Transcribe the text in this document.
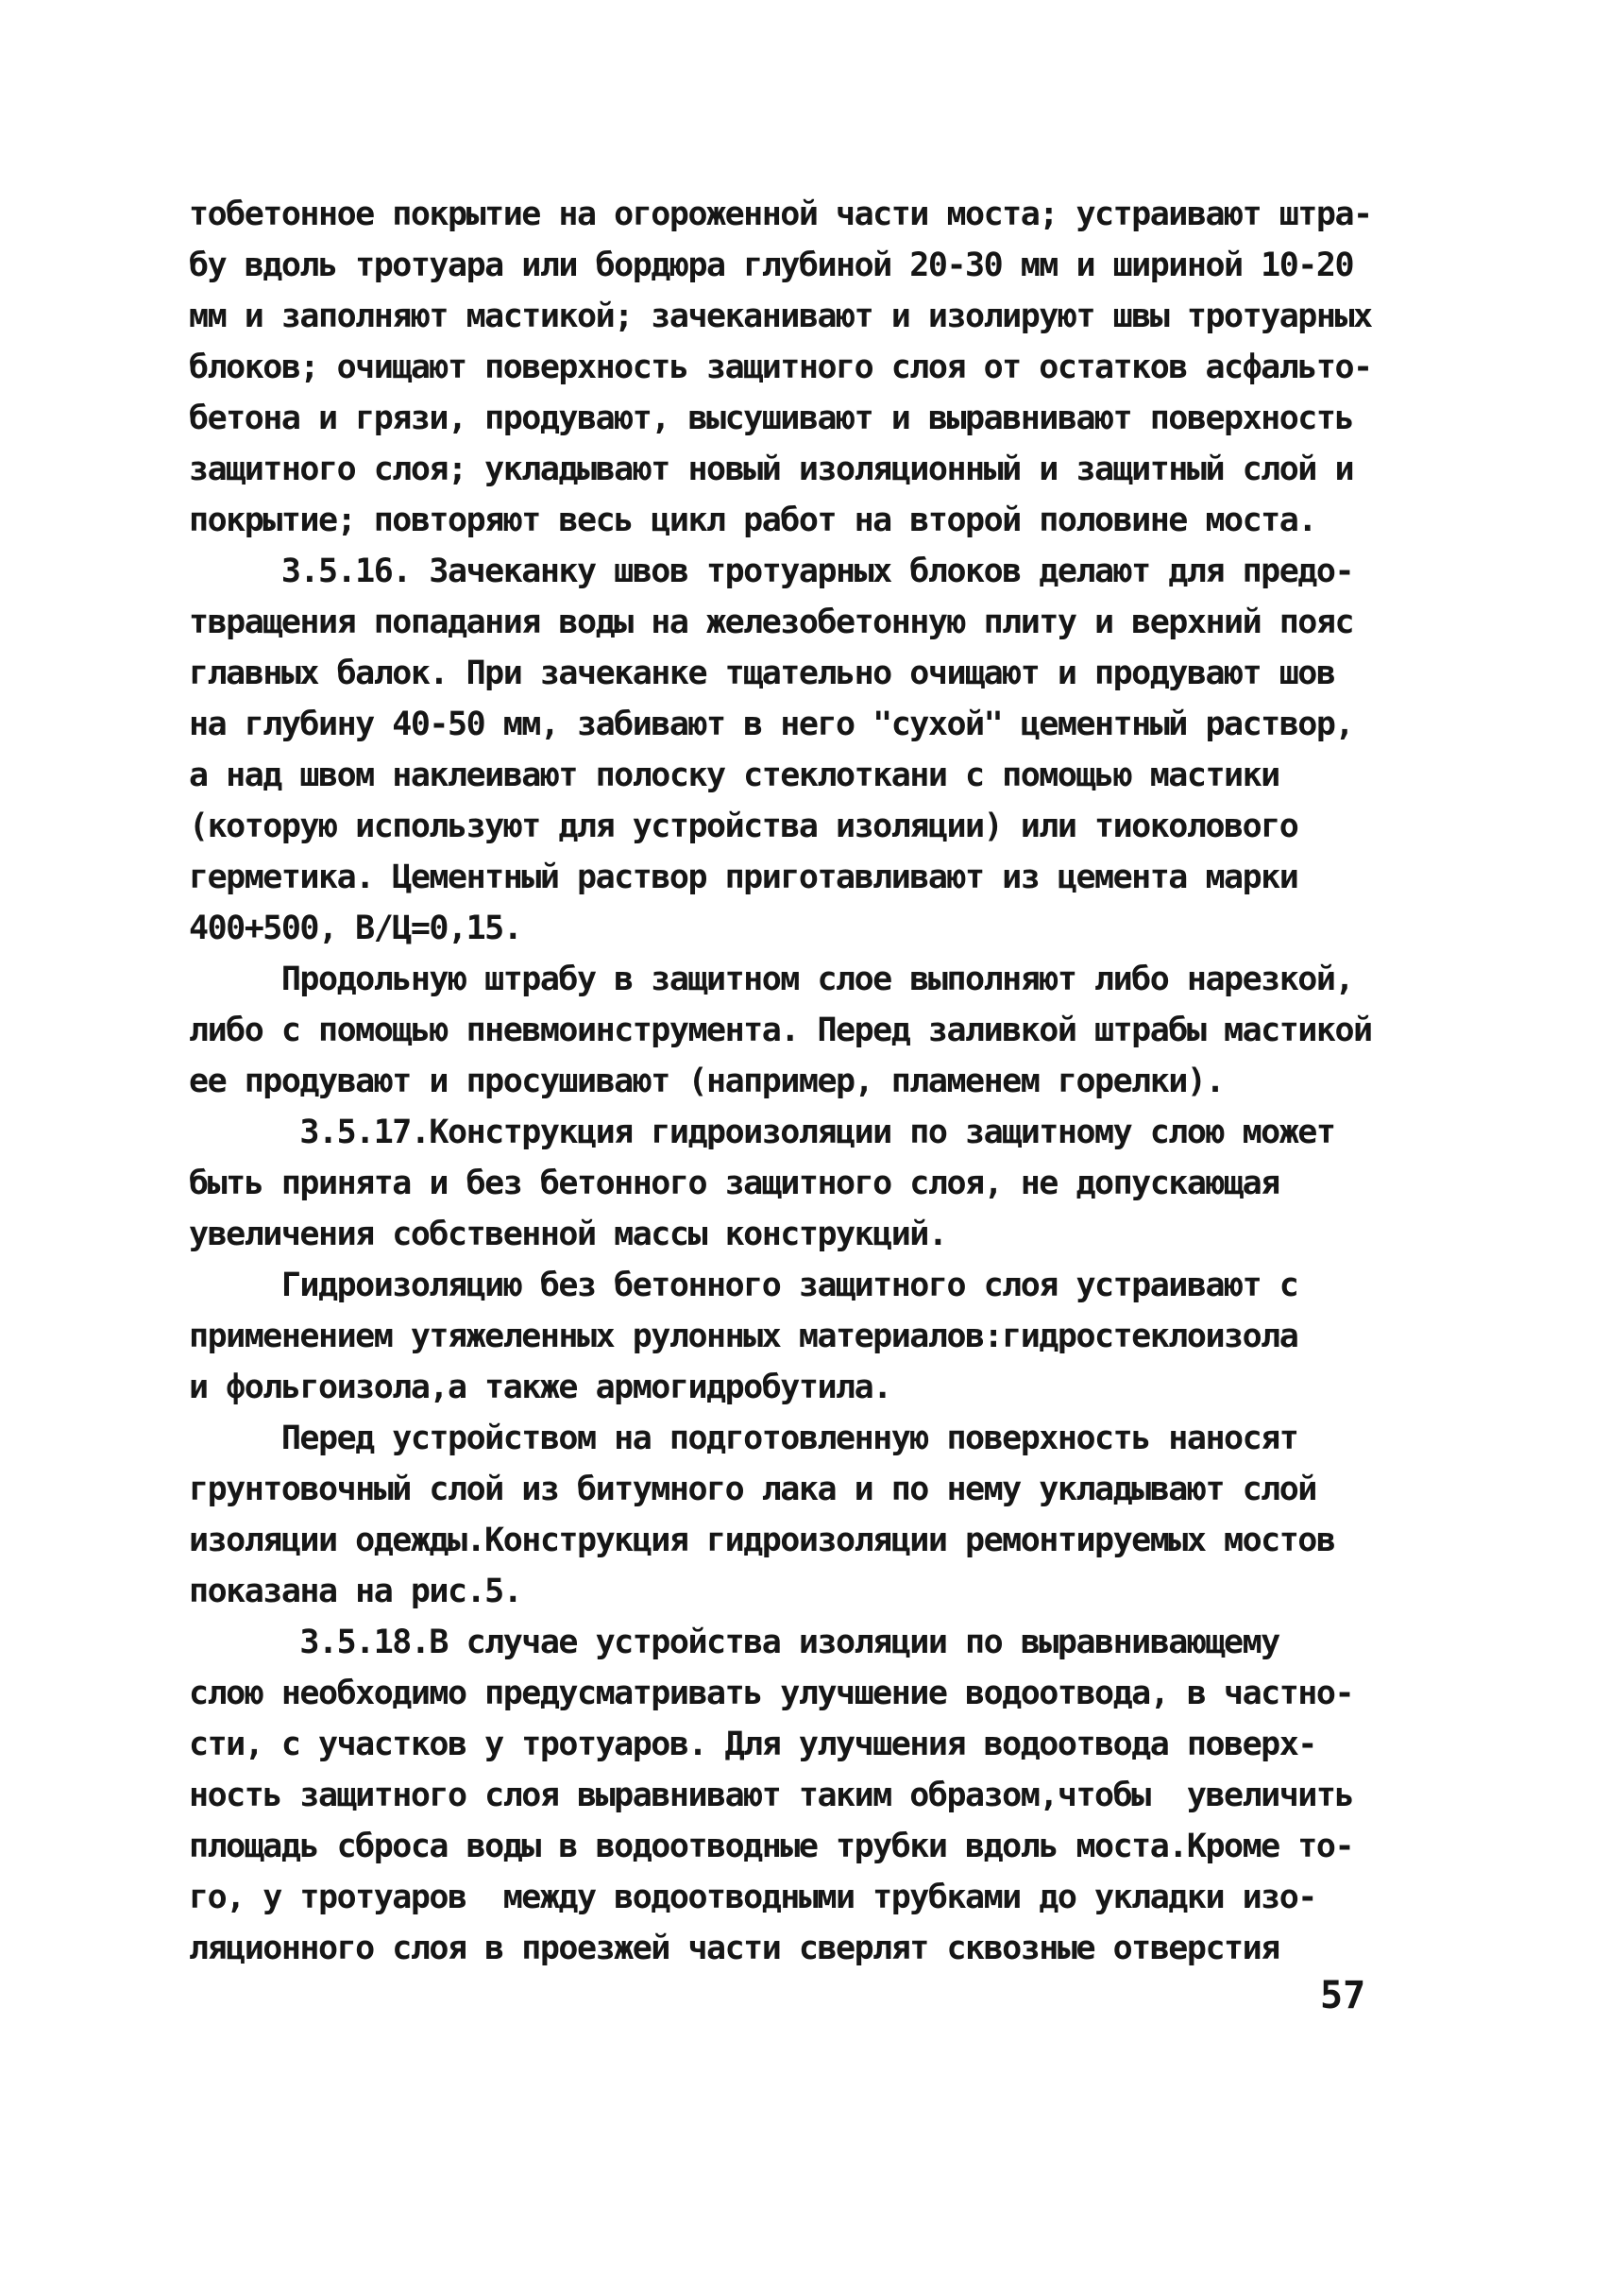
тобетонное покрытие на огороженной части моста; устраивают штра-
бу вдоль тротуара или бордюра глубиной 20-30 мм и шириной 10-20
мм и заполняют мастикой; зачеканивают и изолируют швы тротуарных
блоков; очищают поверхность защитного слоя от остатков асфальто-
бетона и грязи, продувают, высушивают и выравнивают поверхность
защитного слоя; укладывают новый изоляционный и защитный слой и
покрытие; повторяют весь цикл работ на второй половине моста.
3.5.16. Зачеканку швов тротуарных блоков делают для предо-
твращения попадания воды на железобетонную плиту и верхний пояс
главных балок. При зачеканке тщательно очищают и продувают шов
на глубину 40-50 мм, забивают в него "сухой" цементный раствор,
а над швом наклеивают полоску стеклоткани с помощью мастики
(которую используют для устройства изоляции) или тиоколового
герметика. Цементный раствор приготавливают из цемента марки
400+500, В/Ц=0,15.
Продольную штрабу в защитном слое выполняют либо нарезкой,
либо с помощью пневмоинструмента. Перед заливкой штрабы мастикой
ее продувают и просушивают (например, пламенем горелки).
3.5.17.Конструкция гидроизоляции по защитному слою может
быть принята и без бетонного защитного слоя, не допускающая
увеличения собственной массы конструкций.
Гидроизоляцию без бетонного защитного слоя устраивают с
применением утяжеленных рулонных материалов:гидростеклоизола
и фольгоизола,а также армогидробутила.
Перед устройством на подготовленную поверхность наносят
грунтовочный слой из битумного лака и по нему укладывают слой
изоляции одежды.Конструкция гидроизоляции ремонтируемых мостов
показана на рис.5.
3.5.18.В случае устройства изоляции по выравнивающему
слою необходимо предусматривать улучшение водоотвода, в частно-
сти, с участков у тротуаров. Для улучшения водоотвода поверх-
ность защитного слоя выравнивают таким образом,чтобы  увеличить
площадь сброса воды в водоотводные трубки вдоль моста.Кроме то-
го, у тротуаров  между водоотводными трубками до укладки изо-
ляционного слоя в проезжей части сверлят сквозные отверстия
57
